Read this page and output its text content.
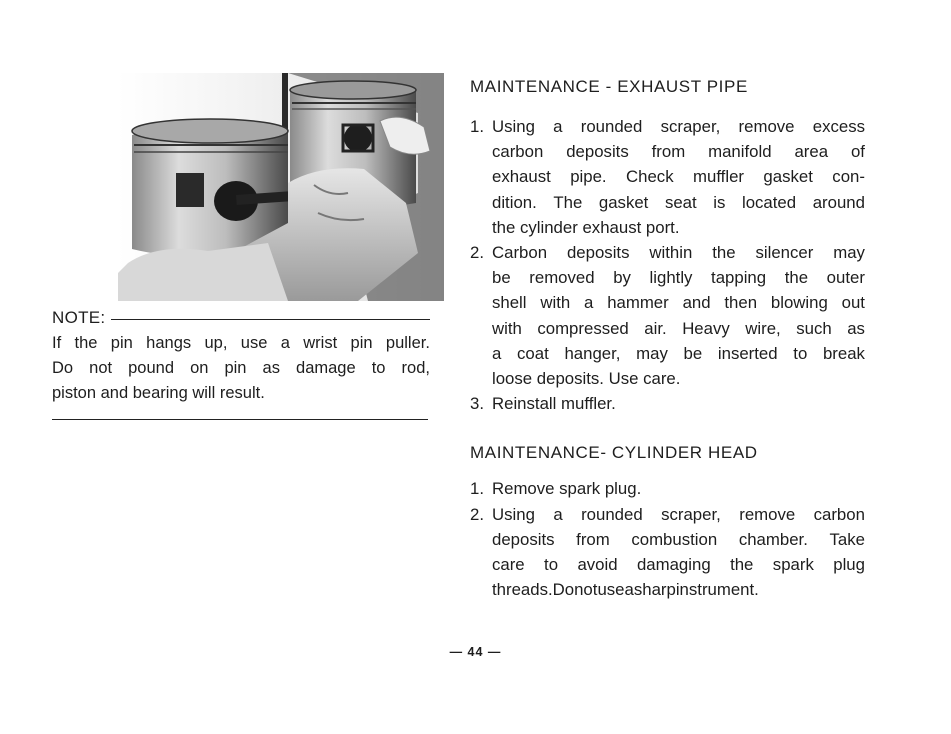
NOTE:
If the pin hangs up, use a wrist pin puller.
Do not pound on pin as damage to rod,
piston and bearing will result.
MAINTENANCE - EXHAUST PIPE
1. Using a rounded scraper, remove excess
carbon deposits from manifold area of
exhaust pipe. Check muffler gasket con-
dition. The gasket seat is located around
the cylinder exhaust port.
2. Carbon deposits within the silencer may
be removed by lightly tapping the outer
shell with a hammer and then blowing out
with compressed air. Heavy wire, such as
a coat hanger, may be inserted to break
loose deposits. Use care.
3. Reinstall muffler.
MAINTENANCE- CYLINDER HEAD
1. Remove spark plug.
2. Using a rounded scraper, remove carbon
deposits from combustion chamber. Take
care to avoid damaging the spark plug
threads. Do not use a sharp instrument.
— 44 —
